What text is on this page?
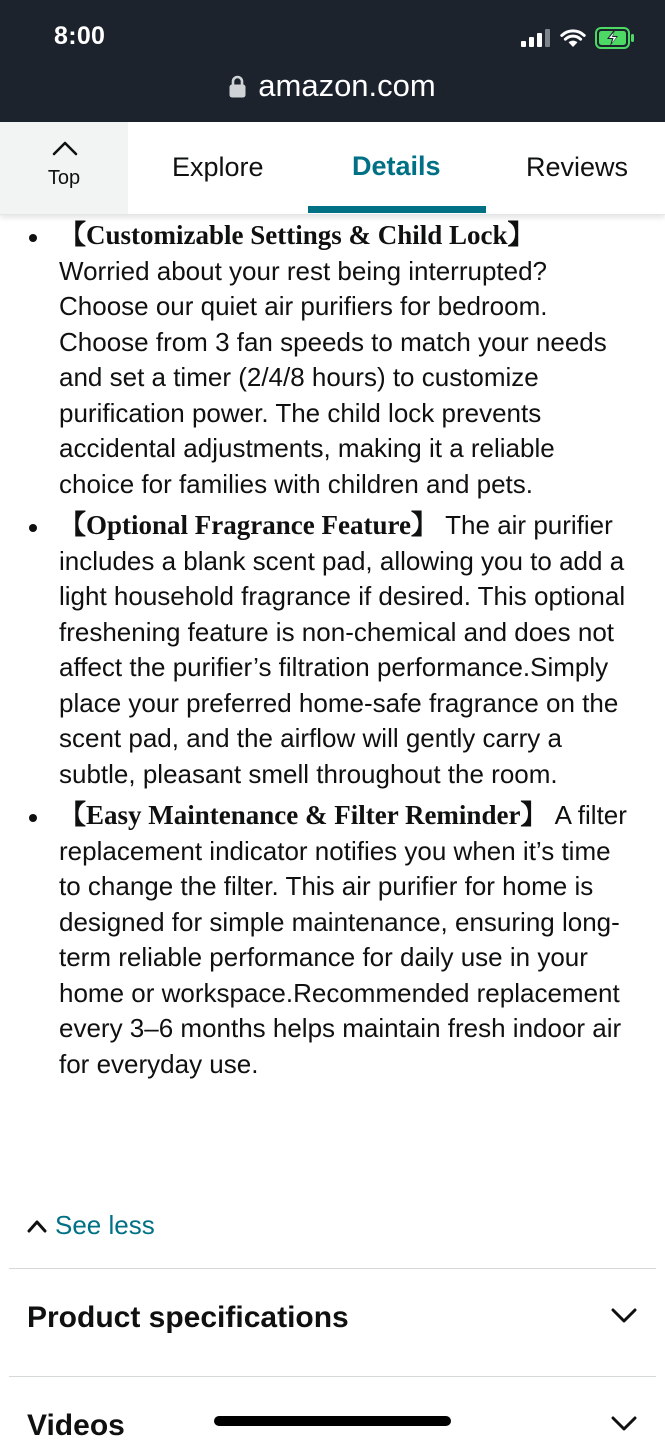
8:00
amazon.com
Top	Explore	Details	Reviews
【Customizable Settings & Child Lock】
Worried about your rest being interrupted? Choose our quiet air purifiers for bedroom. Choose from 3 fan speeds to match your needs and set a timer (2/4/8 hours) to customize purification power. The child lock prevents accidental adjustments, making it a reliable choice for families with children and pets.
【Optional Fragrance Feature】 The air purifier includes a blank scent pad, allowing you to add a light household fragrance if desired. This optional freshening feature is non-chemical and does not affect the purifier’s filtration performance.Simply place your preferred home-safe fragrance on the scent pad, and the airflow will gently carry a subtle, pleasant smell throughout the room.
【Easy Maintenance & Filter Reminder】 A filter replacement indicator notifies you when it’s time to change the filter. This air purifier for home is designed for simple maintenance, ensuring long-term reliable performance for daily use in your home or workspace.Recommended replacement every 3–6 months helps maintain fresh indoor air for everyday use.
See less
Product specifications
Videos
